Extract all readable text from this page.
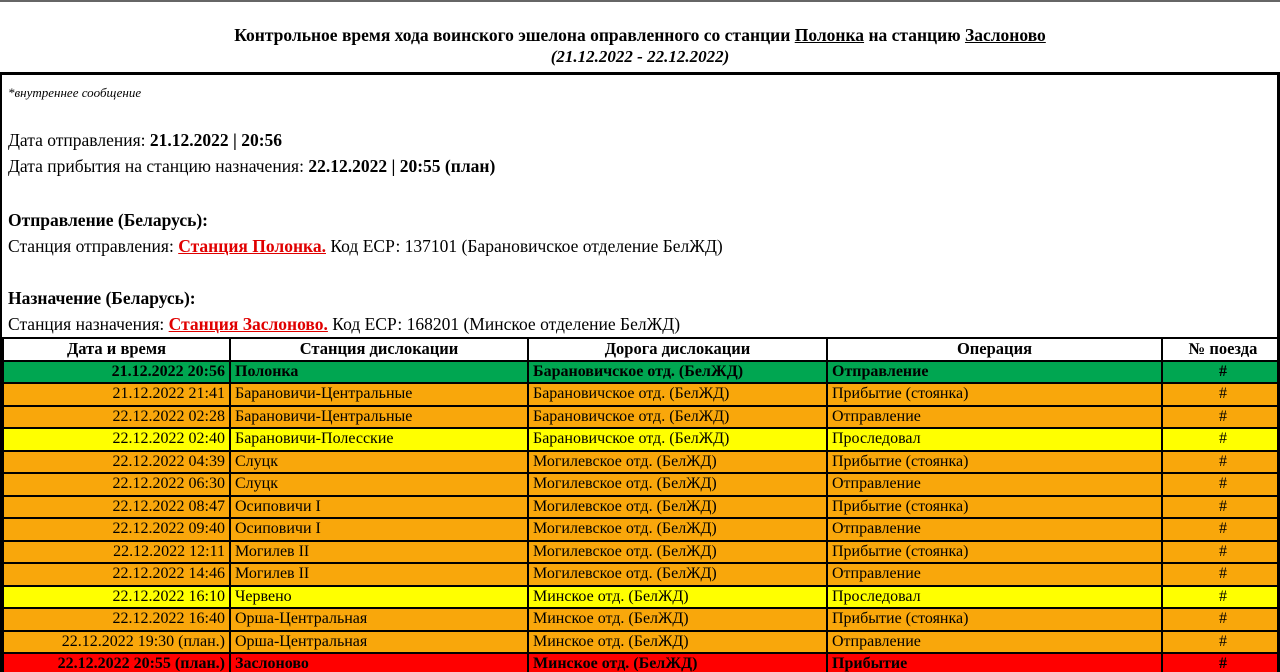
Контрольное время хода воинского эшелона оправленного со станции Полонка на станцию Заслоново
(21.12.2022 - 22.12.2022)
*внутреннее сообщение
Дата отправления: 21.12.2022 | 20:56
Дата прибытия на станцию назначения: 22.12.2022 | 20:55 (план)
Отправление (Беларусь):
Станция отправления: Станция Полонка. Код ЕСР: 137101 (Барановичское отделение БелЖД)
Назначение (Беларусь):
Станция назначения: Станция Заслоново. Код ЕСР: 168201 (Минское отделение БелЖД)
Дата и время	Станция дислокации	Дорога дислокации	Операция	№ поезда
21.12.2022 20:56	Полонка	Барановичское отд. (БелЖД)	Отправление	#
21.12.2022 21:41	Барановичи-Центральные	Барановичское отд. (БелЖД)	Прибытие (стоянка)	#
22.12.2022 02:28	Барановичи-Центральные	Барановичское отд. (БелЖД)	Отправление	#
22.12.2022 02:40	Барановичи-Полесские	Барановичское отд. (БелЖД)	Проследовал	#
22.12.2022 04:39	Слуцк	Могилевское отд. (БелЖД)	Прибытие (стоянка)	#
22.12.2022 06:30	Слуцк	Могилевское отд. (БелЖД)	Отправление	#
22.12.2022 08:47	Осиповичи I	Могилевское отд. (БелЖД)	Прибытие (стоянка)	#
22.12.2022 09:40	Осиповичи I	Могилевское отд. (БелЖД)	Отправление	#
22.12.2022 12:11	Могилев II	Могилевское отд. (БелЖД)	Прибытие (стоянка)	#
22.12.2022 14:46	Могилев II	Могилевское отд. (БелЖД)	Отправление	#
22.12.2022 16:10	Червено	Минское отд. (БелЖД)	Проследовал	#
22.12.2022 16:40	Орша-Центральная	Минское отд. (БелЖД)	Прибытие (стоянка)	#
22.12.2022 19:30 (план.)	Орша-Центральная	Минское отд. (БелЖД)	Отправление	#
22.12.2022 20:55 (план.)	Заслоново	Минское отд. (БелЖД)	Прибытие	#
